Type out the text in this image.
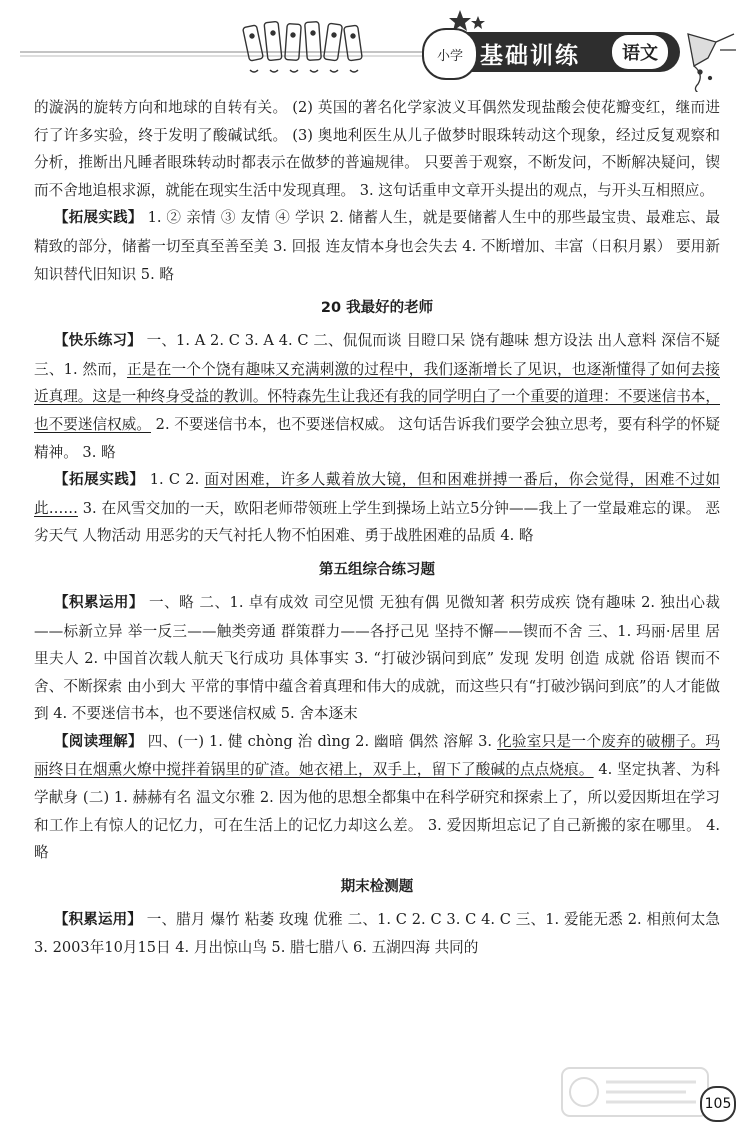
小学 基础训练 语文

的漩涡的旋转方向和地球的自转有关。 (2) 英国的著名化学家波义耳偶然发现盐酸会使花瓣变红，继而进行了许多实验，终于发明了酸碱试纸。 (3) 奥地利医生从儿子做梦时眼珠转动这个现象，经过反复观察和分析，推断出凡睡者眼珠转动时都表示在做梦的普遍规律。 只要善于观察，不断发问，不断解决疑问，锲而不舍地追根求源，就能在现实生活中发现真理。 3. 这句话重申文章开头提出的观点，与开头互相照应。

【拓展实践】 1. ② 亲情 ③ 友情 ④ 学识 2. 储蓄人生，就是要储蓄人生中的那些最宝贵、最难忘、最精致的部分，储蓄一切至真至善至美 3. 回报 连友情本身也会失去 4. 不断增加、丰富（日积月累） 要用新知识替代旧知识 5. 略

20 我最好的老师

【快乐练习】 一、1. A 2. C 3. A 4. C 二、侃侃而谈 目瞪口呆 饶有趣味 想方设法 出人意料 深信不疑 三、1. 然而，正是在一个个饶有趣味又充满刺激的过程中，我们逐渐增长了见识，也逐渐懂得了如何去接近真理。这是一种终身受益的教训。怀特森先生让我还有我的同学明白了一个重要的道理：不要迷信书本，也不要迷信权威。 2. 不要迷信书本，也不要迷信权威。 这句话告诉我们要学会独立思考，要有科学的怀疑精神。 3. 略

【拓展实践】 1. C 2. 面对困难，许多人戴着放大镜，但和困难拼搏一番后，你会觉得，困难不过如此…… 3. 在风雪交加的一天，欧阳老师带领班上学生到操场上站立5分钟——我上了一堂最难忘的课。 恶劣天气 人物活动 用恶劣的天气衬托人物不怕困难、勇于战胜困难的品质 4. 略

第五组综合练习题

【积累运用】 一、略 二、1. 卓有成效 司空见惯 无独有偶 见微知著 积劳成疾 饶有趣味 2. 独出心裁——标新立异 举一反三——触类旁通 群策群力——各抒己见 坚持不懈——锲而不舍 三、1. 玛丽·居里 居里夫人 2. 中国首次载人航天飞行成功 具体事实 3. “打破沙锅问到底” 发现 发明 创造 成就 俗语 锲而不舍、不断探索 由小到大 平常的事情中蕴含着真理和伟大的成就，而这些只有“打破沙锅问到底”的人才能做到 4. 不要迷信书本，也不要迷信权威 5. 舍本逐末

【阅读理解】 四、(一) 1. 健 chòng 治 dìng 2. 幽暗 偶然 溶解 3. 化验室只是一个废弃的破棚子。玛丽终日在烟熏火燎中搅拌着锅里的矿渣。她衣裙上，双手上，留下了酸碱的点点烧痕。 4. 坚定执著、为科学献身 (二) 1. 赫赫有名 温文尔雅 2. 因为他的思想全都集中在科学研究和探索上了，所以爱因斯坦在学习和工作上有惊人的记忆力，可在生活上的记忆力却这么差。 3. 爱因斯坦忘记了自己新搬的家在哪里。 4. 略

期末检测题

【积累运用】 一、腊月 爆竹 粘萎 玫瑰 优雅 二、1. C 2. C 3. C 4. C 三、1. 爱能无悉 2. 相煎何太急 3. 2003年10月15日 4. 月出惊山鸟 5. 腊七腊八 6. 五湖四海 共同的

105
